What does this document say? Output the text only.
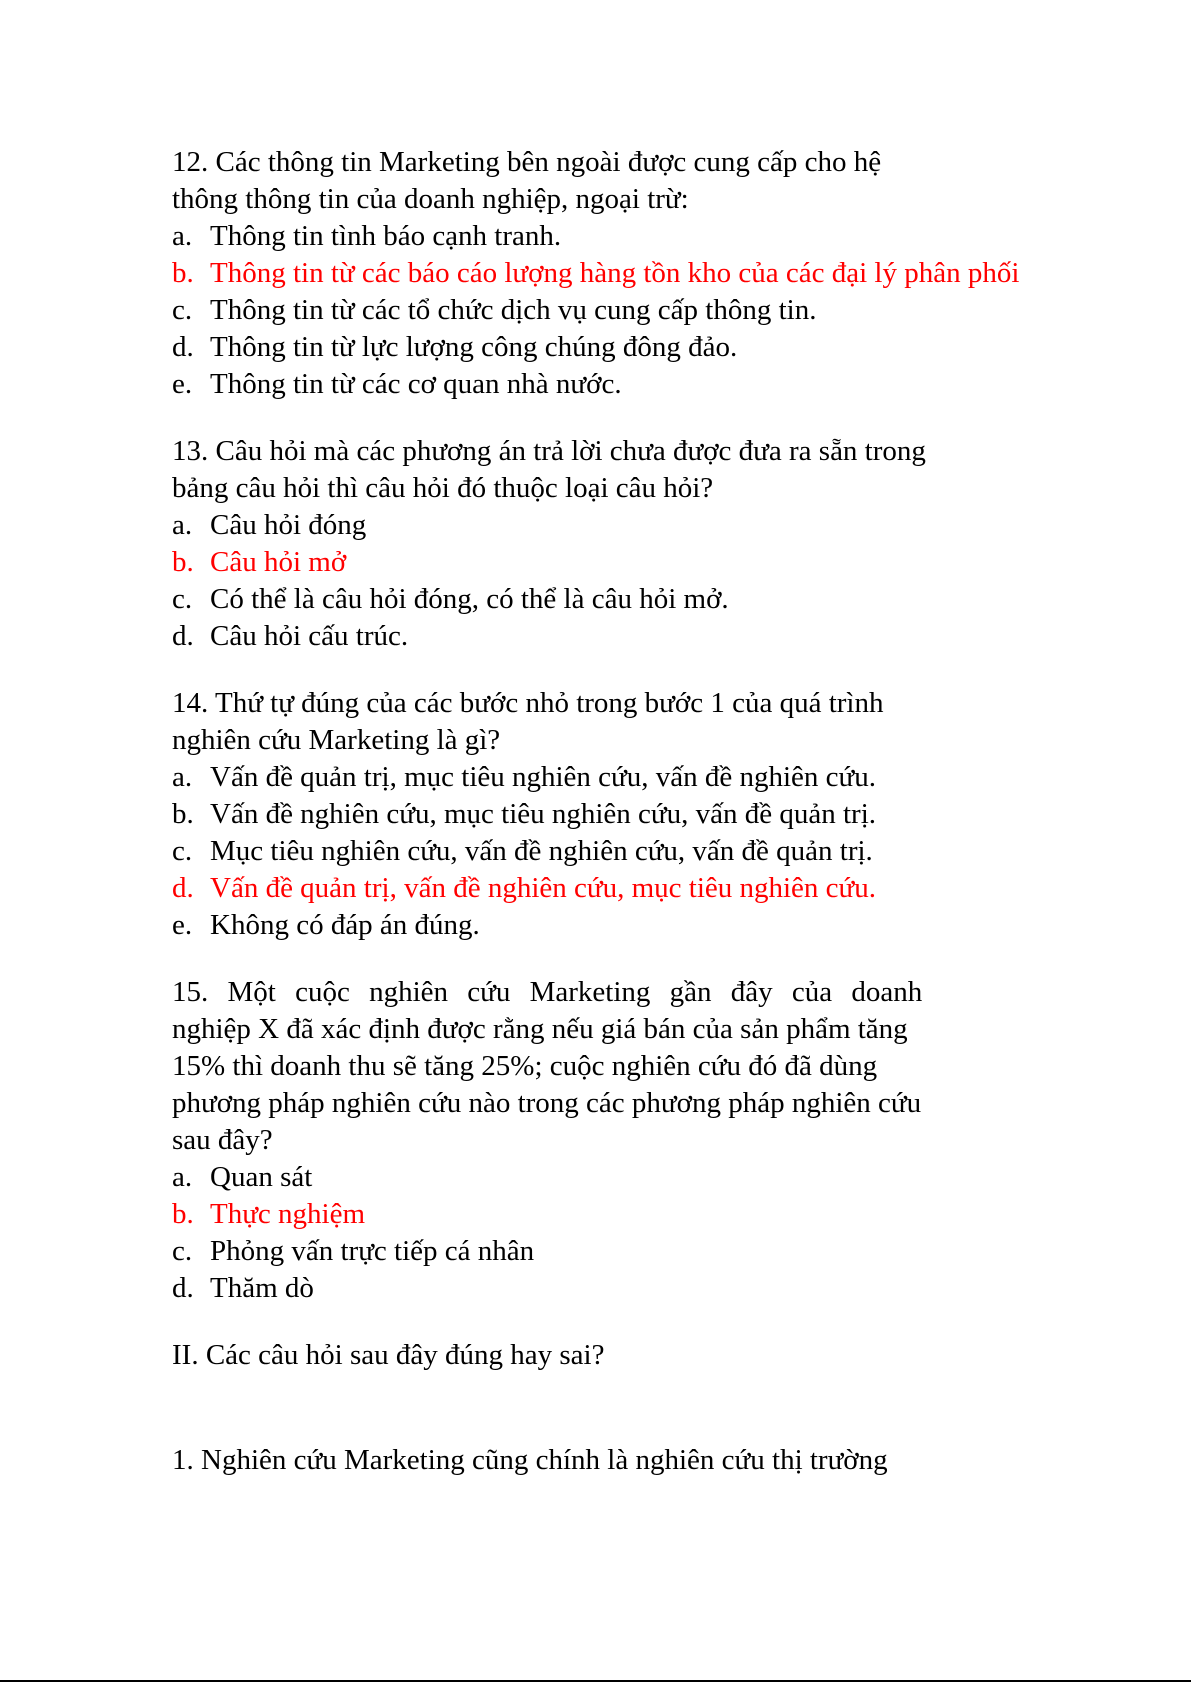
12. Các thông tin Marketing bên ngoài được cung cấp cho hệ
thông thông tin của doanh nghiệp, ngoại trừ:
a. Thông tin tình báo cạnh tranh.
b. Thông tin từ các báo cáo lượng hàng tồn kho của các đại lý phân phối
c. Thông tin từ các tổ chức dịch vụ cung cấp thông tin.
d. Thông tin từ lực lượng công chúng đông đảo.
e. Thông tin từ các cơ quan nhà nước.
13. Câu hỏi mà các phương án trả lời chưa được đưa ra sẵn trong
bảng câu hỏi thì câu hỏi đó thuộc loại câu hỏi?
a. Câu hỏi đóng
b. Câu hỏi mở
c. Có thể là câu hỏi đóng, có thể là câu hỏi mở.
d. Câu hỏi cấu trúc.
14. Thứ tự đúng của các bước nhỏ trong bước 1 của quá trình
nghiên cứu Marketing là gì?
a. Vấn đề quản trị, mục tiêu nghiên cứu, vấn đề nghiên cứu.
b. Vấn đề nghiên cứu, mục tiêu nghiên cứu, vấn đề quản trị.
c. Mục tiêu nghiên cứu, vấn đề nghiên cứu, vấn đề quản trị.
d. Vấn đề quản trị, vấn đề nghiên cứu, mục tiêu nghiên cứu.
e. Không có đáp án đúng.
15. Một cuộc nghiên cứu Marketing gần đây của doanh
nghiệp X đã xác định được rằng nếu giá bán của sản phẩm tăng
15% thì doanh thu sẽ tăng 25%; cuộc nghiên cứu đó đã dùng
phương pháp nghiên cứu nào trong các phương pháp nghiên cứu
sau đây?
a. Quan sát
b. Thực nghiệm
c. Phỏng vấn trực tiếp cá nhân
d. Thăm dò
II. Các câu hỏi sau đây đúng hay sai?
1. Nghiên cứu Marketing cũng chính là nghiên cứu thị trường
